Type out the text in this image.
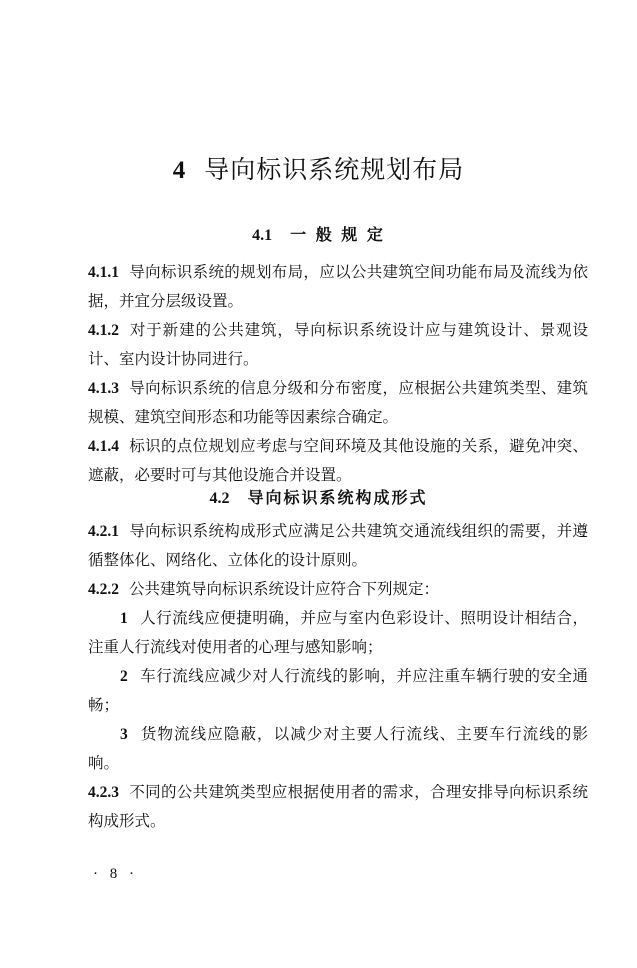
4 导向标识系统规划布局
4.1 一 般 规 定
4.1.1 导向标识系统的规划布局，应以公共建筑空间功能布局及流线为依据，并宜分层级设置。
4.1.2 对于新建的公共建筑，导向标识系统设计应与建筑设计、景观设计、室内设计协同进行。
4.1.3 导向标识系统的信息分级和分布密度，应根据公共建筑类型、建筑规模、建筑空间形态和功能等因素综合确定。
4.1.4 标识的点位规划应考虑与空间环境及其他设施的关系，避免冲突、遮蔽，必要时可与其他设施合并设置。
4.2 导向标识系统构成形式
4.2.1 导向标识系统构成形式应满足公共建筑交通流线组织的需要，并遵循整体化、网络化、立体化的设计原则。
4.2.2 公共建筑导向标识系统设计应符合下列规定：
1 人行流线应便捷明确，并应与室内色彩设计、照明设计相结合，注重人行流线对使用者的心理与感知影响；
2 车行流线应减少对人行流线的影响，并应注重车辆行驶的安全通畅；
3 货物流线应隐蔽，以减少对主要人行流线、主要车行流线的影响。
4.2.3 不同的公共建筑类型应根据使用者的需求，合理安排导向标识系统构成形式。
· 8 ·
